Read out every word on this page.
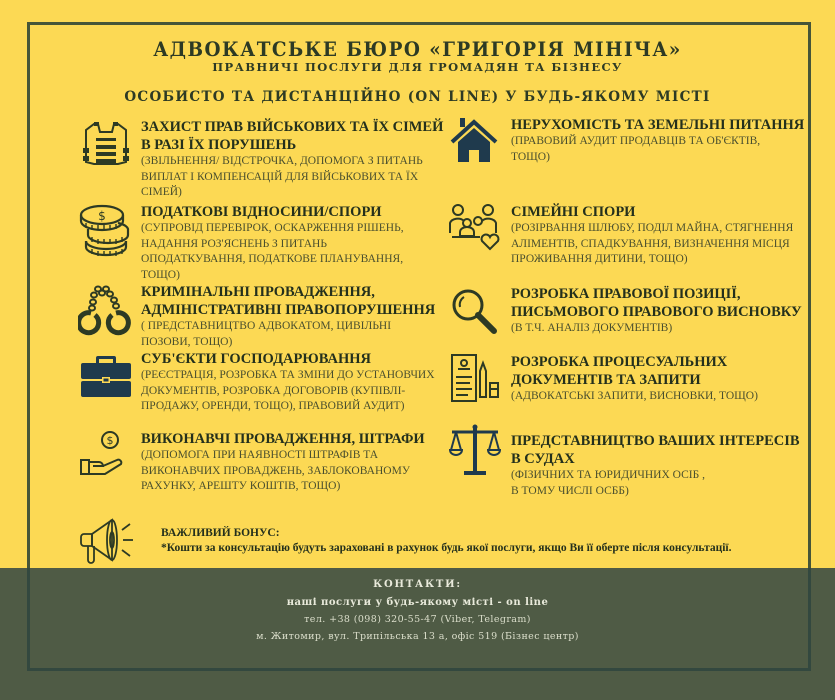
АДВОКАТСЬКЕ БЮРО «ГРИГОРІЯ МІНІЧА»
ПРАВНИЧІ ПОСЛУГИ ДЛЯ ГРОМАДЯН ТА БІЗНЕСУ
ОСОБИСТО ТА ДИСТАНЦІЙНО (ON LINE) У БУДЬ-ЯКОМУ МІСТІ
ЗАХИСТ ПРАВ ВІЙСЬКОВИХ ТА ЇХ СІМЕЙ
В РАЗІ ЇХ ПОРУШЕНЬ
(ЗВІЛЬНЕННЯ/ ВІДСТРОЧКА, ДОПОМОГА З ПИТАНЬ
ВИПЛАТ І КОМПЕНСАЦІЙ ДЛЯ ВІЙСЬКОВИХ ТА ЇХ
СІМЕЙ)
$ ПОДАТКОВІ ВІДНОСИНИ/СПОРИ
(СУПРОВІД ПЕРЕВІРОК, ОСКАРЖЕННЯ РІШЕНЬ,
НАДАННЯ РОЗ'ЯСНЕНЬ З ПИТАНЬ
ОПОДАТКУВАННЯ, ПОДАТКОВЕ ПЛАНУВАННЯ,
ТОЩО)
КРИМІНАЛЬНІ ПРОВАДЖЕННЯ,
АДМІНІСТРАТИВНІ ПРАВОПОРУШЕННЯ
( ПРЕДСТАВНИЦТВО АДВОКАТОМ, ЦИВІЛЬНІ
ПОЗОВИ, ТОЩО)
СУБ'ЄКТИ ГОСПОДАРЮВАННЯ
(РЕЄСТРАЦІЯ, РОЗРОБКА ТА ЗМІНИ ДО УСТАНОВЧИХ
ДОКУМЕНТІВ, РОЗРОБКА ДОГОВОРІВ (КУПІВЛІ-
ПРОДАЖУ, ОРЕНДИ, ТОЩО), ПРАВОВИЙ АУДИТ)
$ ВИКОНАВЧІ ПРОВАДЖЕННЯ, ШТРАФИ
(ДОПОМОГА ПРИ НАЯВНОСТІ ШТРАФІВ ТА
ВИКОНАВЧИХ ПРОВАДЖЕНЬ, ЗАБЛОКОВАНОМУ
РАХУНКУ, АРЕШТУ КОШТІВ, ТОЩО)
НЕРУХОМІСТЬ ТА ЗЕМЕЛЬНІ ПИТАННЯ
(ПРАВОВИЙ АУДИТ ПРОДАВЦІВ ТА ОБ'ЄКТІВ,
ТОЩО)
СІМЕЙНІ СПОРИ
(РОЗІРВАННЯ ШЛЮБУ, ПОДІЛ МАЙНА, СТЯГНЕННЯ
АЛІМЕНТІВ, СПАДКУВАННЯ, ВИЗНАЧЕННЯ МІСЦЯ
ПРОЖИВАННЯ ДИТИНИ, ТОЩО)
РОЗРОБКА ПРАВОВОЇ ПОЗИЦІЇ,
ПИСЬМОВОГО ПРАВОВОГО ВИСНОВКУ
(В Т.Ч. АНАЛІЗ ДОКУМЕНТІВ)
РОЗРОБКА ПРОЦЕСУАЛЬНИХ
ДОКУМЕНТІВ ТА ЗАПИТИ
(АДВОКАТСЬКІ ЗАПИТИ, ВИСНОВКИ, ТОЩО)
ПРЕДСТАВНИЦТВО ВАШИХ ІНТЕРЕСІВ
В СУДАХ
(ФІЗИЧНИХ ТА ЮРИДИЧНИХ ОСІБ ,
В ТОМУ ЧИСЛІ ОСББ)
ВАЖЛИВИЙ БОНУС:
*Кошти за консультацію будуть зараховані в рахунок будь якої послуги, якщо Ви її оберте після консультації.
КОНТАКТИ:
наші послуги у будь-якому місті - on line
тел. +38 (098) 320-55-47 (Viber, Telegram)
м. Житомир, вул. Трипільська 13 а, офіс 519 (Бізнес центр)
